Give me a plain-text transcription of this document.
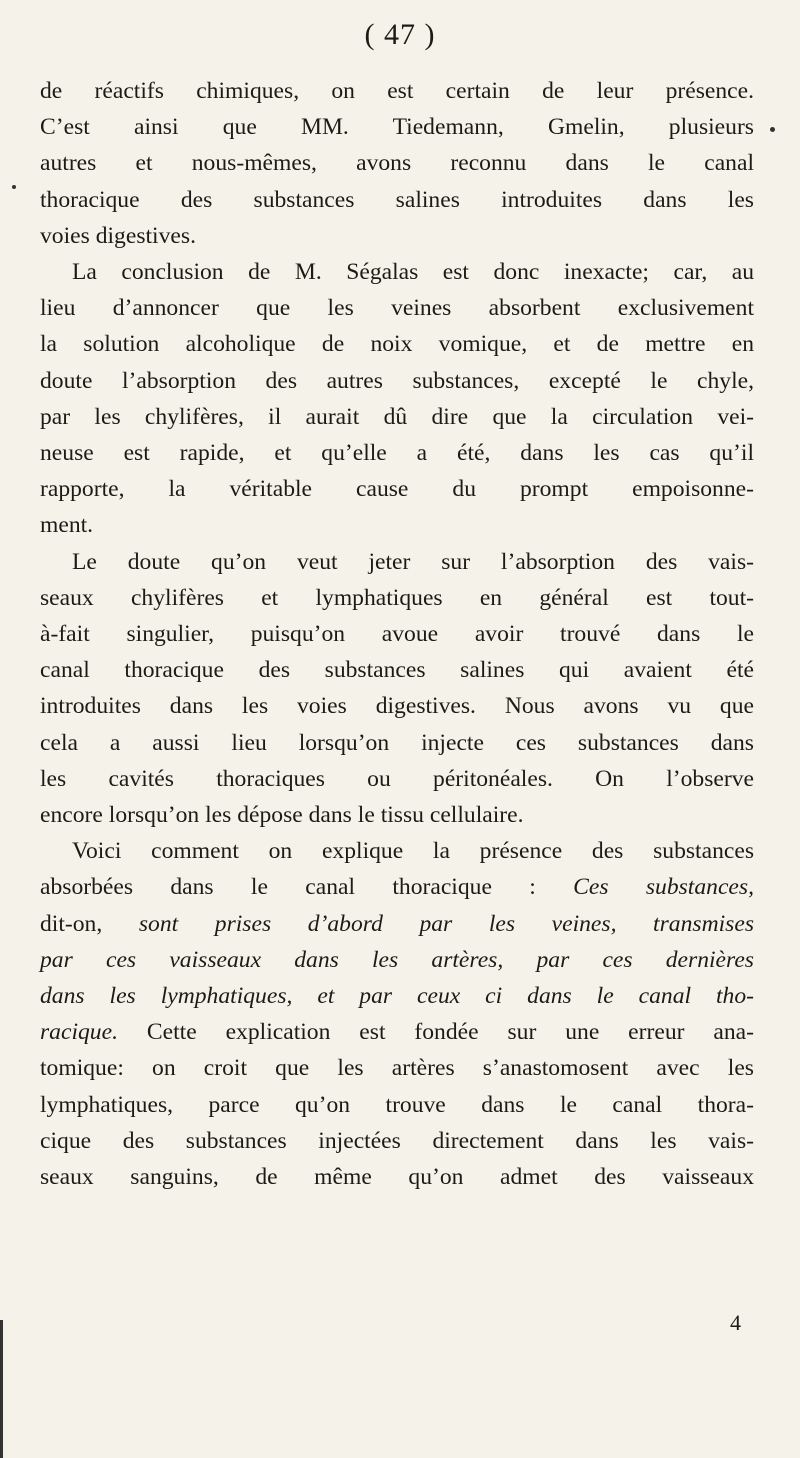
( 47 )
de réactifs chimiques, on est certain de leur présence.
C’est ainsi que MM. Tiedemann, Gmelin, plusieurs
autres et nous-mêmes, avons reconnu dans le canal
thoracique des substances salines introduites dans les
voies digestives.
La conclusion de M. Ségalas est donc inexacte; car, au
lieu d’annoncer que les veines absorbent exclusivement
la solution alcoholique de noix vomique, et de mettre en
doute l’absorption des autres substances, excepté le chyle,
par les chylifères, il aurait dû dire que la circulation vei-
neuse est rapide, et qu’elle a été, dans les cas qu’il
rapporte, la véritable cause du prompt empoisonne-
ment.
Le doute qu’on veut jeter sur l’absorption des vais-
seaux chylifères et lymphatiques en général est tout-
à-fait singulier, puisqu’on avoue avoir trouvé dans le
canal thoracique des substances salines qui avaient été
introduites dans les voies digestives. Nous avons vu que
cela a aussi lieu lorsqu’on injecte ces substances dans
les cavités thoraciques ou péritonéales. On l’observe
encore lorsqu’on les dépose dans le tissu cellulaire.
Voici comment on explique la présence des substances
absorbées dans le canal thoracique : Ces substances,
dit-on, sont prises d’abord par les veines, transmises
par ces vaisseaux dans les artères, par ces dernières
dans les lymphatiques, et par ceux ci dans le canal tho-
racique. Cette explication est fondée sur une erreur ana-
tomique: on croit que les artères s’anastomosent avec les
lymphatiques, parce qu’on trouve dans le canal thora-
cique des substances injectées directement dans les vais-
seaux sanguins, de même qu’on admet des vaisseaux
4
